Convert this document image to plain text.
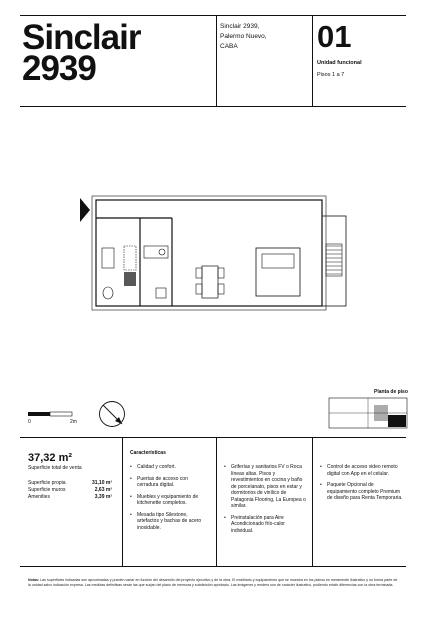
Sinclair
2939
Sinclair 2939,
Palermo Nuevo,
CABA	01
Unidad funcional
Pisos 1 a 7
0	2m
Planta de piso
37,32 m²
Superficie total de venta
Superficie propia	31,10 m²
Superficie muros	2,63 m²
Amenities	3,39 m²
Características
• Calidad y confort.
• Puertas de acceso con cerradura digital.
• Muebles y equipamiento de kitchenette completos.
• Mesada tipo Silestone, artefactos y bachas de acero inoxidable.
• Griferías y sanitarios FV o Roca líneas altas. Pisos y revestimientos en cocina y baño de porcelanato, pisos en estar y dormitorios de vinílico de Patagonia Flooring, La Europea o similar.
• Preinstalación para Aire Acondicionado frío-calor individual.
• Control de acceso video remoto digital con App en el celular.
• Paquete Opcional de equipamiento completo Premium de diseño para Renta Temporaria.
Notas: Las superficies indicadas son aproximadas y pueden variar en función del desarrollo del proyecto ejecutivo y de la obra. El mobiliario y equipamiento que se muestra en los planos es meramente ilustrativo y no forma parte de la unidad salvo indicación expresa. Las medidas definitivas serán las que surjan del plano de mensura y subdivisión aprobado. Las imágenes y renders son de carácter ilustrativo, pudiendo existir diferencias con la obra terminada.
